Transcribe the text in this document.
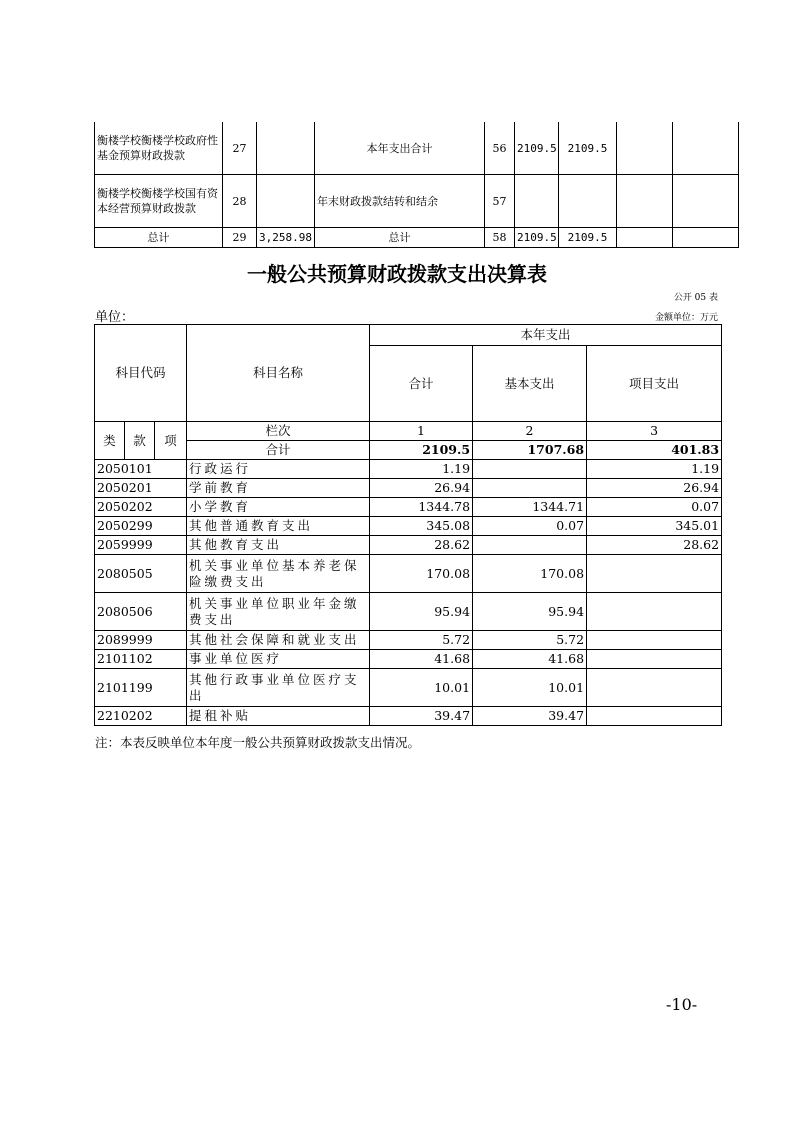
衡楼学校衡楼学校政府性基金预算财政拨款	27		本年支出合计	56	2109.5	2109.5		
衡楼学校衡楼学校国有资本经营预算财政拨款	28		年末财政拨款结转和结余	57				
总计	29	3,258.98	总计	58	2109.5	2109.5		
一般公共预算财政拨款支出决算表
公开 05 表
单位：	金额单位：万元
科目代码			科目名称	本年支出		
				合计	基本支出	项目支出
类	款	项	栏次	1	2	3
			合计	2109.5	1707.68	401.83
2050101			行政运行	1.19		1.19
2050201			学前教育	26.94		26.94
2050202			小学教育	1344.78	1344.71	0.07
2050299			其他普通教育支出	345.08	0.07	345.01
2059999			其他教育支出	28.62		28.62
2080505			机关事业单位基本养老保险缴费支出	170.08	170.08	
2080506			机关事业单位职业年金缴费支出	95.94	95.94	
2089999			其他社会保障和就业支出	5.72	5.72	
2101102			事业单位医疗	41.68	41.68	
2101199			其他行政事业单位医疗支出	10.01	10.01	
2210202			提租补贴	39.47	39.47	
注：本表反映单位本年度一般公共预算财政拨款支出情况。
-10-
